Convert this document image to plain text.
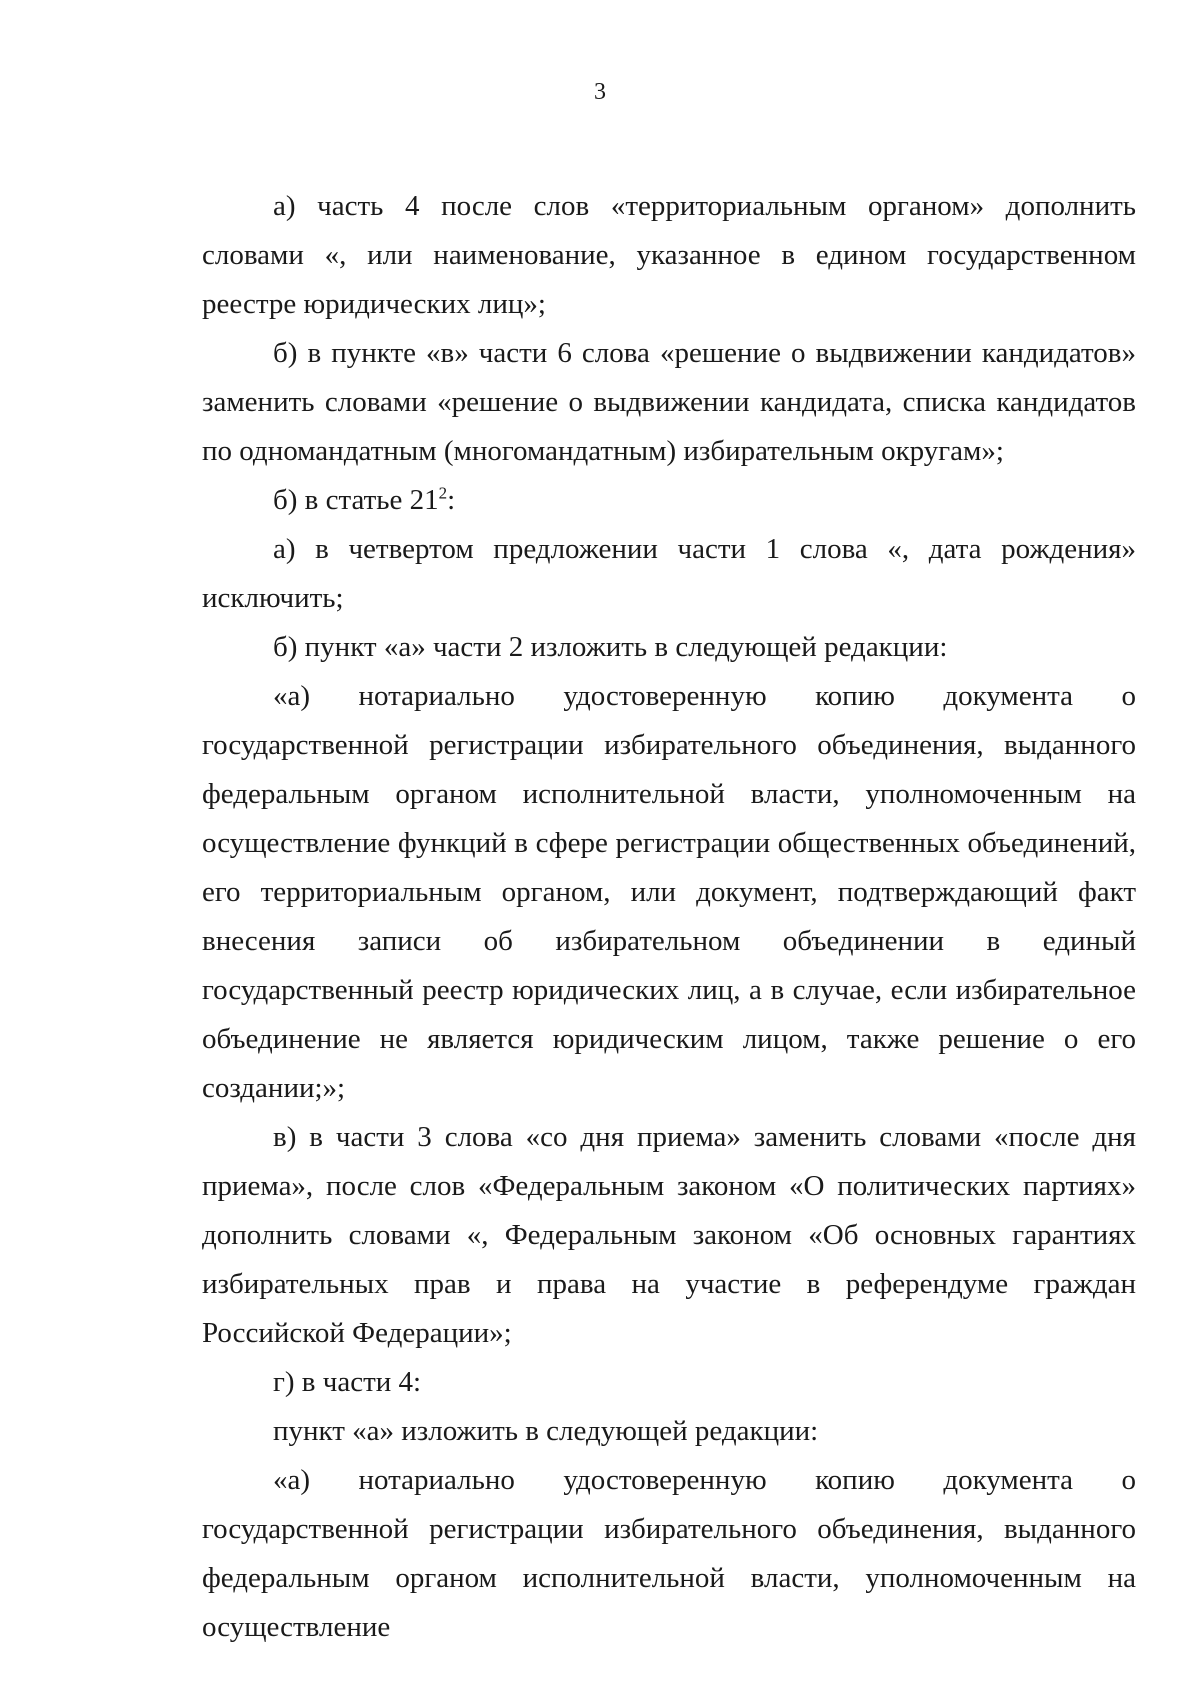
3

а) часть 4 после слов «территориальным органом» дополнить словами «, или наименование, указанное в едином государственном реестре юридических лиц»;

б) в пункте «в» части 6 слова «решение о выдвижении кандидатов» заменить словами «решение о выдвижении кандидата, списка кандидатов по одномандатным (многомандатным) избирательным округам»;

б) в статье $21^2$:

а) в четвертом предложении части 1 слова «, дата рождения» исключить;

б) пункт «а» части 2 изложить в следующей редакции:

«а) нотариально удостоверенную копию документа о государственной регистрации избирательного объединения, выданного федеральным органом исполнительной власти, уполномоченным на осуществление функций в сфере регистрации общественных объединений, его территориальным органом, или документ, подтверждающий факт внесения записи об избирательном объединении в единый государственный реестр юридических лиц, а в случае, если избирательное объединение не является юридическим лицом, также решение о его создании;»;

в) в части 3 слова «со дня приема» заменить словами «после дня приема», после слов «Федеральным законом «О политических партиях» дополнить словами «, Федеральным законом «Об основных гарантиях избирательных прав и права на участие в референдуме граждан Российской Федерации»;

г) в части 4:

пункт «а» изложить в следующей редакции:

«а) нотариально удостоверенную копию документа о государственной регистрации избирательного объединения, выданного федеральным органом исполнительной власти, уполномоченным на осуществление
